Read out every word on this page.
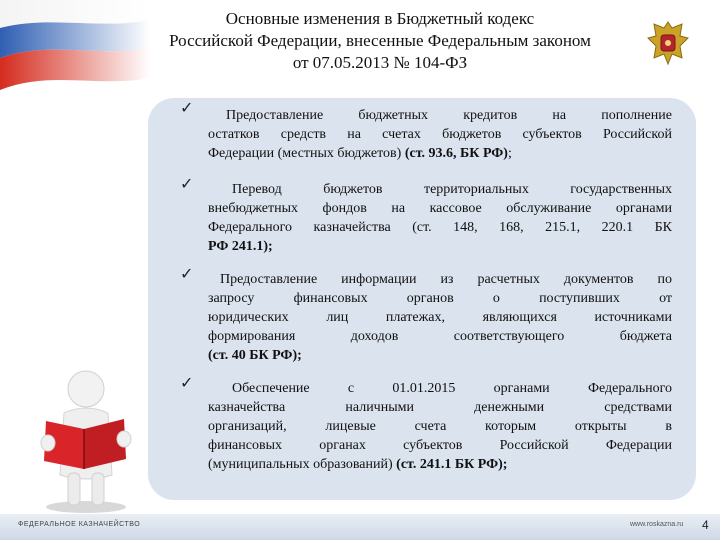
Основные изменения в Бюджетный кодекс
Российской Федерации, внесенные Федеральным законом
от 07.05.2013 № 104-ФЗ
✓
✓
✓
✓
Предоставление	бюджетных	кредитов	на	пополнение
остатков средств на счетах бюджетов субъектов Российской
Федерации (местных бюджетов) (ст. 93.6, БК РФ);
Перевод	бюджетов	территориальных	государственных
внебюджетных фондов на кассовое обслуживание органами
Федерального казначейства (ст. 148, 168, 215.1, 220.1 БК
РФ 241.1);
Предоставление информации из расчетных документов по
запросу	финансовых	органов	о	поступивших	от
юридических	лиц	платежах,	являющихся	источниками
формирования	доходов	соответствующего	бюджета
(ст. 40 БК РФ);
Обеспечение	с	01.01.2015	органами	Федерального
казначейства	наличными	денежными	средствами
организаций,	лицевые	счета	которым	открыты	в
финансовых	органах	субъектов	Российской	Федерации
(муниципальных образований) (ст. 241.1 БК РФ);
ФЕДЕРАЛЬНОЕ КАЗНАЧЕЙСТВО	www.roskazna.ru 4
